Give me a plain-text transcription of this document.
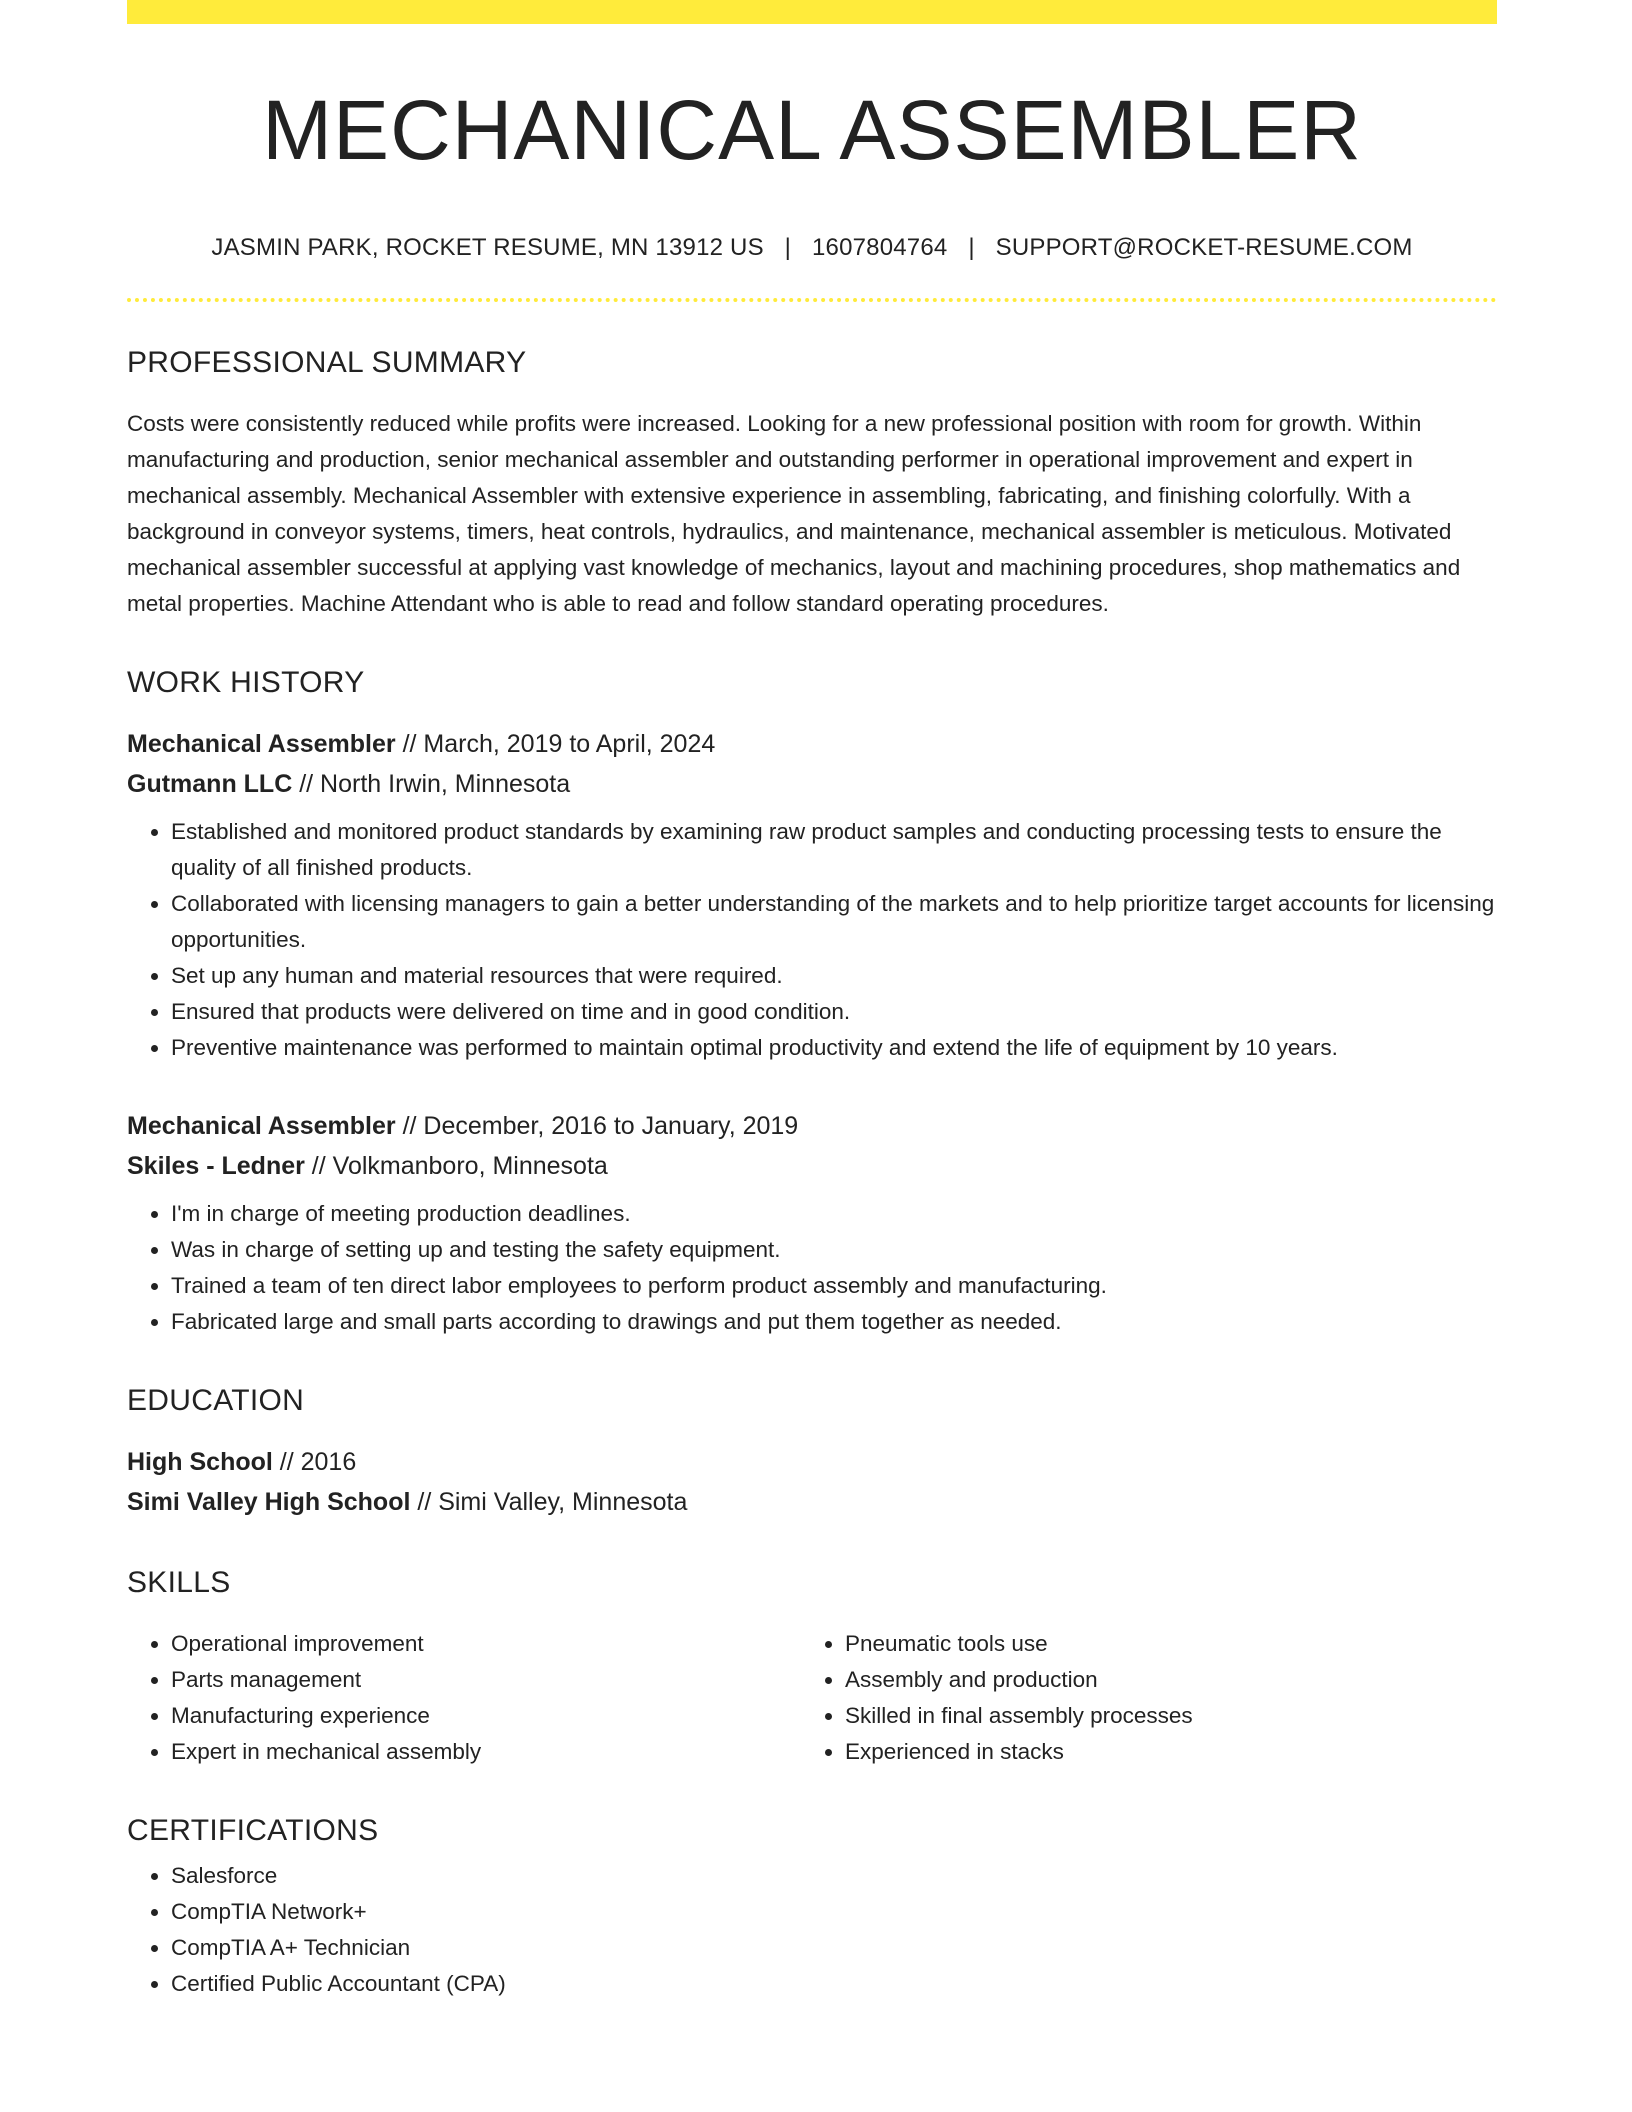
MECHANICAL ASSEMBLER
JASMIN PARK, ROCKET RESUME, MN 13912 US | 1607804764 | SUPPORT@ROCKET-RESUME.COM
PROFESSIONAL SUMMARY
Costs were consistently reduced while profits were increased. Looking for a new professional position with room for growth. Within manufacturing and production, senior mechanical assembler and outstanding performer in operational improvement and expert in mechanical assembly. Mechanical Assembler with extensive experience in assembling, fabricating, and finishing colorfully. With a background in conveyor systems, timers, heat controls, hydraulics, and maintenance, mechanical assembler is meticulous. Motivated mechanical assembler successful at applying vast knowledge of mechanics, layout and machining procedures, shop mathematics and metal properties. Machine Attendant who is able to read and follow standard operating procedures.
WORK HISTORY
Mechanical Assembler // March, 2019 to April, 2024
Gutmann LLC // North Irwin, Minnesota
• Established and monitored product standards by examining raw product samples and conducting processing tests to ensure the quality of all finished products.
• Collaborated with licensing managers to gain a better understanding of the markets and to help prioritize target accounts for licensing opportunities.
• Set up any human and material resources that were required.
• Ensured that products were delivered on time and in good condition.
• Preventive maintenance was performed to maintain optimal productivity and extend the life of equipment by 10 years.
Mechanical Assembler // December, 2016 to January, 2019
Skiles - Ledner // Volkmanboro, Minnesota
• I'm in charge of meeting production deadlines.
• Was in charge of setting up and testing the safety equipment.
• Trained a team of ten direct labor employees to perform product assembly and manufacturing.
• Fabricated large and small parts according to drawings and put them together as needed.
EDUCATION
High School // 2016
Simi Valley High School // Simi Valley, Minnesota
SKILLS
• Operational improvement
• Parts management
• Manufacturing experience
• Expert in mechanical assembly
• Pneumatic tools use
• Assembly and production
• Skilled in final assembly processes
• Experienced in stacks
CERTIFICATIONS
• Salesforce
• CompTIA Network+
• CompTIA A+ Technician
• Certified Public Accountant (CPA)
